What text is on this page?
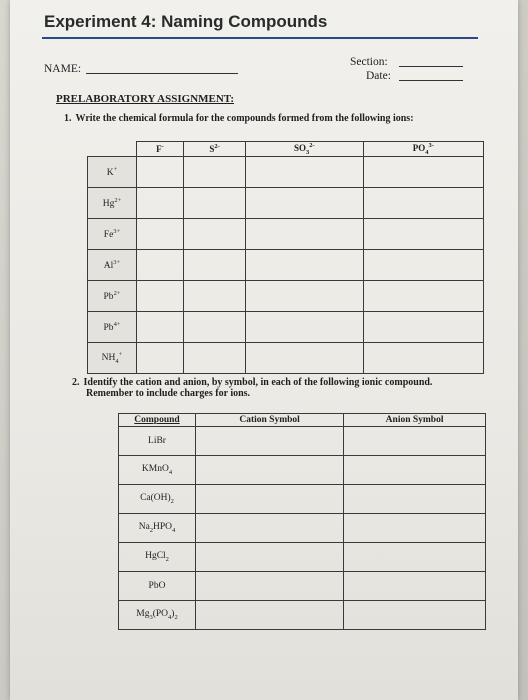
Experiment 4: Naming Compounds
NAME:
Section:
Date:
PRELABORATORY ASSIGNMENT:
1. Write the chemical formula for the compounds formed from the following ions:
	F-	$S^{2-}$	$SO_3^{2-}$	$PO_4^{3-}$
K+				
$Hg^{2+}$				
$Fe^{3+}$				
$Al^{3+}$				
$Pb^{2+}$				
$Pb^{4+}$				
$NH_4^+$				
2. Identify the cation and anion, by symbol, in each of the following ionic compound.
Remember to include charges for ions.
Compound	Cation Symbol	Anion Symbol
LiBr		
KMnO$_4$		
$Ca(OH)_2$		
$Na_2HPO_4$		
HgCl$_2$		
PbO		
$Mg_3(PO_4)_2$		
